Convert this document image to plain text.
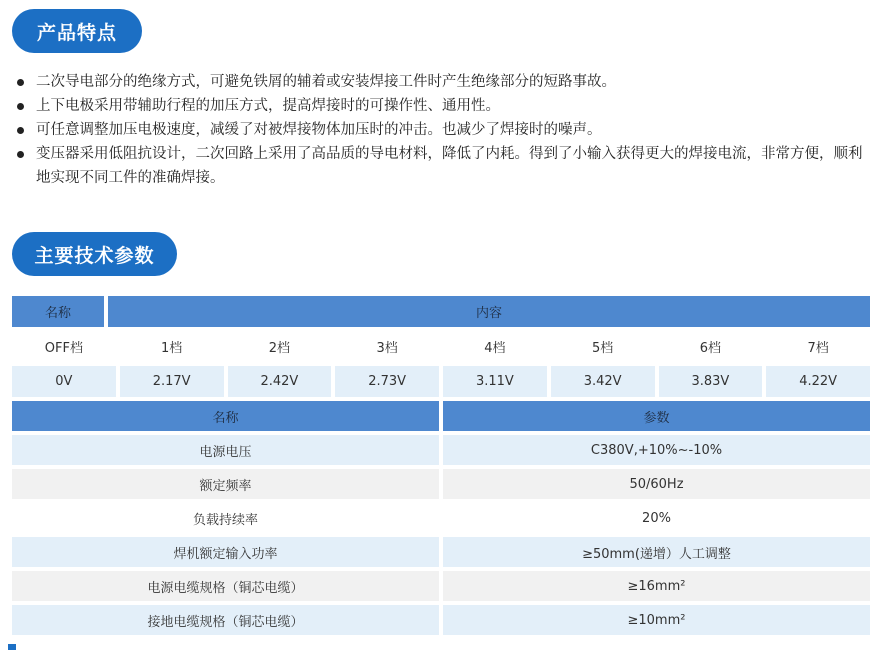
产品特点
二次导电部分的绝缘方式，可避免铁屑的辅着或安装焊接工件时产生绝缘部分的短路事故。
上下电极采用带辅助行程的加压方式，提高焊接时的可操作性、通用性。
可任意调整加压电极速度，减缓了对被焊接物体加压时的冲击。也减少了焊接时的噪声。
变压器采用低阻抗设计，二次回路上采用了高品质的导电材料，降低了内耗。得到了小输入获得更大的焊接电流，非常方便，顺利地实现不同工件的准确焊接。
主要技术参数
名称	内容
OFF档	1档	2档	3档	4档	5档	6档	7档
0V	2.17V	2.42V	2.73V	3.11V	3.42V	3.83V	4.22V
名称	参数
电源电压	C380V,+10%~-10%
额定频率	50/60Hz
负载持续率	20%
焊机额定输入功率	≥50mm(递增）人工调整
电源电缆规格（铜芯电缆）	≥16mm²
接地电缆规格（铜芯电缆）	≥10mm²
